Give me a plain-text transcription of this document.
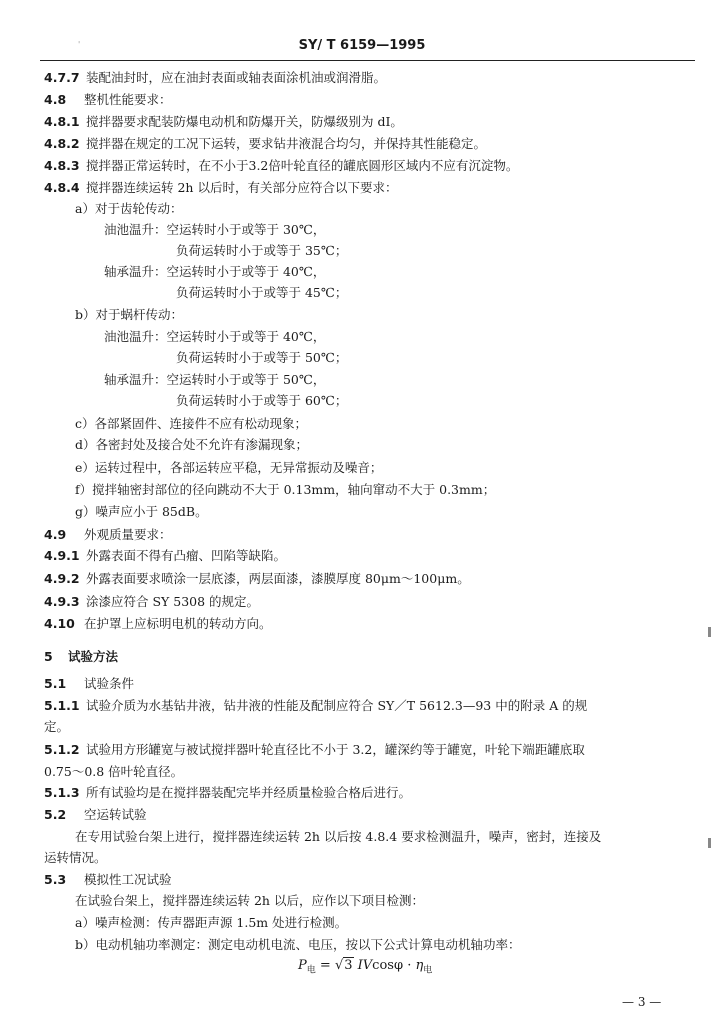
'	SY/ T 6159—1995
4.7.7 装配油封时，应在油封表面或轴表面涂机油或润滑脂。
4.8 整机性能要求：
4.8.1 搅拌器要求配装防爆电动机和防爆开关，防爆级别为 dⅠ。
4.8.2 搅拌器在规定的工况下运转，要求钻井液混合均匀，并保持其性能稳定。
4.8.3 搅拌器正常运转时，在不小于3.2倍叶轮直径的罐底圆形区域内不应有沉淀物。
4.8.4 搅拌器连续运转 2h 以后时，有关部分应符合以下要求：
a）对于齿轮传动：
油池温升：空运转时小于或等于 30℃，
负荷运转时小于或等于 35℃；
轴承温升：空运转时小于或等于 40℃，
负荷运转时小于或等于 45℃；
b）对于蜗杆传动：
油池温升：空运转时小于或等于 40℃，
负荷运转时小于或等于 50℃；
轴承温升：空运转时小于或等于 50℃，
负荷运转时小于或等于 60℃；
c）各部紧固件、连接件不应有松动现象；
d）各密封处及接合处不允许有渗漏现象；
e）运转过程中，各部运转应平稳，无异常振动及噪音；
f）搅拌轴密封部位的径向跳动不大于 0.13mm，轴向窜动不大于 0.3mm；
g）噪声应小于 85dB。
4.9 外观质量要求：
4.9.1 外露表面不得有凸瘤、凹陷等缺陷。
4.9.2 外露表面要求喷涂一层底漆，两层面漆，漆膜厚度 80μm～100μm。
4.9.3 涂漆应符合 SY 5308 的规定。
4.10 在护罩上应标明电机的转动方向。
5 试验方法
5.1 试验条件
5.1.1 试验介质为水基钻井液，钻井液的性能及配制应符合 SY／T 5612.3—93 中的附录 A 的规
定。
5.1.2 试验用方形罐宽与被试搅拌器叶轮直径比不小于 3.2，罐深约等于罐宽，叶轮下端距罐底取
0.75～0.8 倍叶轮直径。
5.1.3 所有试验均是在搅拌器装配完毕并经质量检验合格后进行。
5.2 空运转试验
在专用试验台架上进行，搅拌器连续运转 2h 以后按 4.8.4 要求检测温升，噪声，密封，连接及
运转情况。
5.3 模拟性工况试验
在试验台架上，搅拌器连续运转 2h 以后，应作以下项目检测：
a）噪声检测：传声器距声源 1.5m 处进行检测。
b）电动机轴功率测定：测定电动机电流、电压，按以下公式计算电动机轴功率：
$P_电 = √3$ $IVcos\varphi \cdot \eta_电$
— 3 —
